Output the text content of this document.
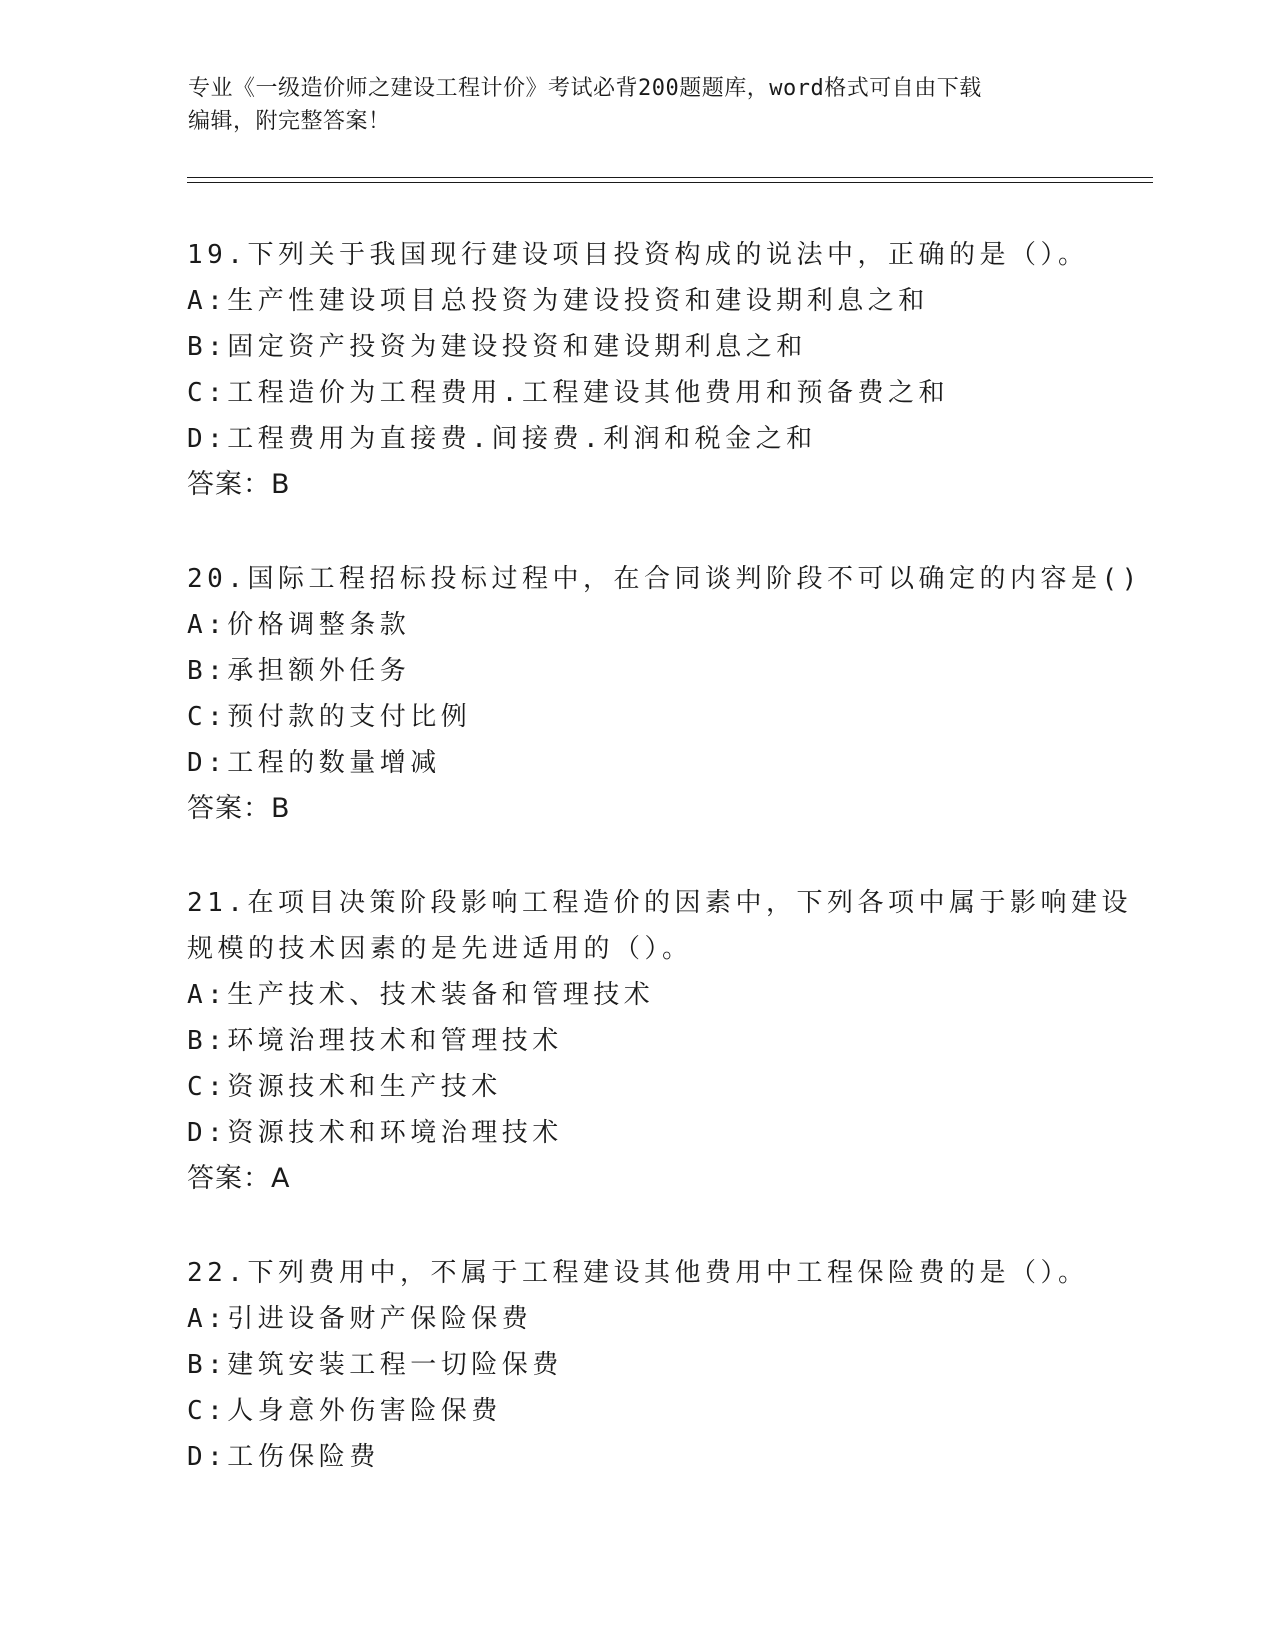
专业《一级造价师之建设工程计价》考试必背200题题库，word格式可自由下载
编辑，附完整答案！
19.下列关于我国现行建设项目投资构成的说法中，正确的是（）。
A:生产性建设项目总投资为建设投资和建设期利息之和
B:固定资产投资为建设投资和建设期利息之和
C:工程造价为工程费用.工程建设其他费用和预备费之和
D:工程费用为直接费.间接费.利润和税金之和
答案：B
20.国际工程招标投标过程中，在合同谈判阶段不可以确定的内容是()
A:价格调整条款
B:承担额外任务
C:预付款的支付比例
D:工程的数量增减
答案：B
21.在项目决策阶段影响工程造价的因素中，下列各项中属于影响建设
规模的技术因素的是先进适用的（）。
A:生产技术、技术装备和管理技术
B:环境治理技术和管理技术
C:资源技术和生产技术
D:资源技术和环境治理技术
答案：A
22.下列费用中，不属于工程建设其他费用中工程保险费的是（）。
A:引进设备财产保险保费
B:建筑安装工程一切险保费
C:人身意外伤害险保费
D:工伤保险费
